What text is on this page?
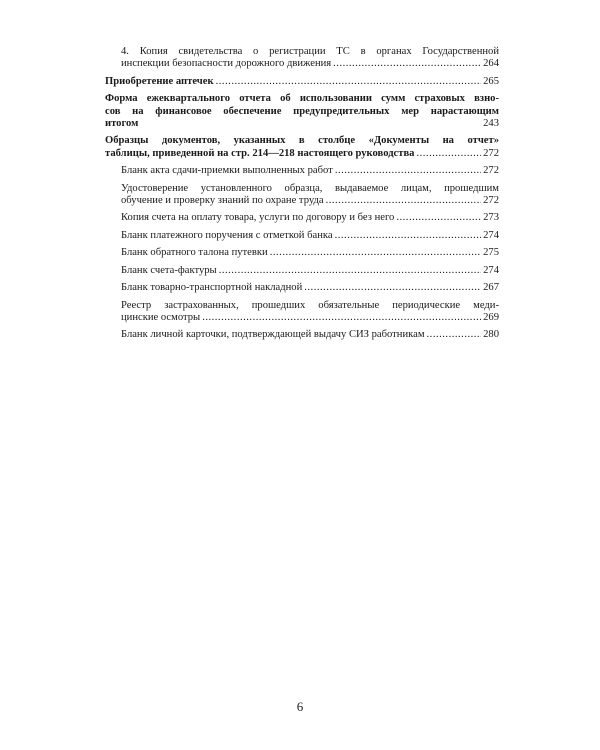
4. Копия свидетельства о регистрации ТС в органах Государственной
инспекции безопасности дорожного движения .....	264
Приобретение аптечек .....	265
Форма ежеквартального отчета об использовании сумм страховых взно-
сов на финансовое обеспечение предупредительных мер нарастающим
итогом	243
Образцы документов, указанных в столбце «Документы на отчет»
таблицы, приведенной на стр. 214—218 настоящего руководства .....	272
Бланк акта сдачи-приемки выполненных работ .....	272
Удостоверение установленного образца, выдаваемое лицам, прошедшим
обучение и проверку знаний по охране труда .....	272
Копия счета на оплату товара, услуги по договору и без него .....	273
Бланк платежного поручения с отметкой банка .....	274
Бланк обратного талона путевки .....	275
Бланк счета-фактуры .....	274
Бланк товарно-транспортной накладной .....	267
Реестр застрахованных, прошедших обязательные периодические меди-
цинские осмотры .....	269
Бланк личной карточки, подтверждающей выдачу СИЗ работникам .....	280
6
